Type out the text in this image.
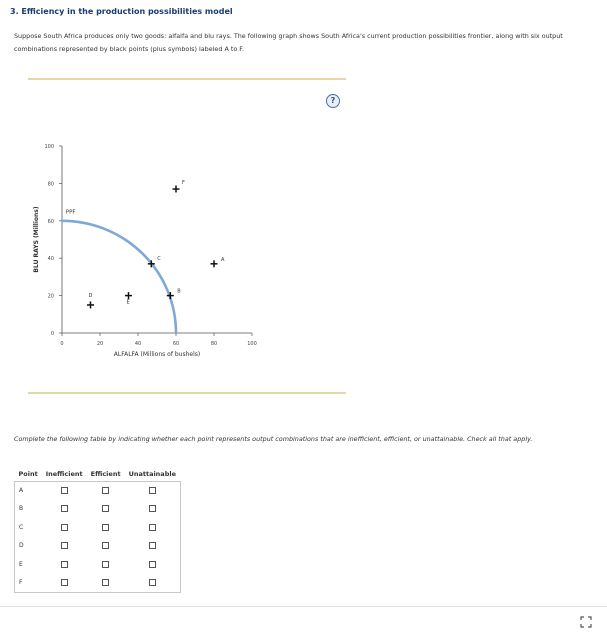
3. Efficiency in the production possibilities model
Suppose South Africa produces only two goods: alfalfa and blu rays. The following graph shows South Africa's current production possibilities frontier, along with six output combinations represented by black points (plus symbols) labeled A to F.
0	20	40	60	80	100
0
20
40
60
80
100
ALFALFA (Millions of bushels)
BLU RAYS (Millions)	PPF
A
B
C
D
E
F
?
Complete the following table by indicating whether each point represents output combinations that are inefficient, efficient, or unattainable. Check all that apply.
Point	Inefficient	Efficient	Unattainable
A			
B			
C			
D			
E			
F			
